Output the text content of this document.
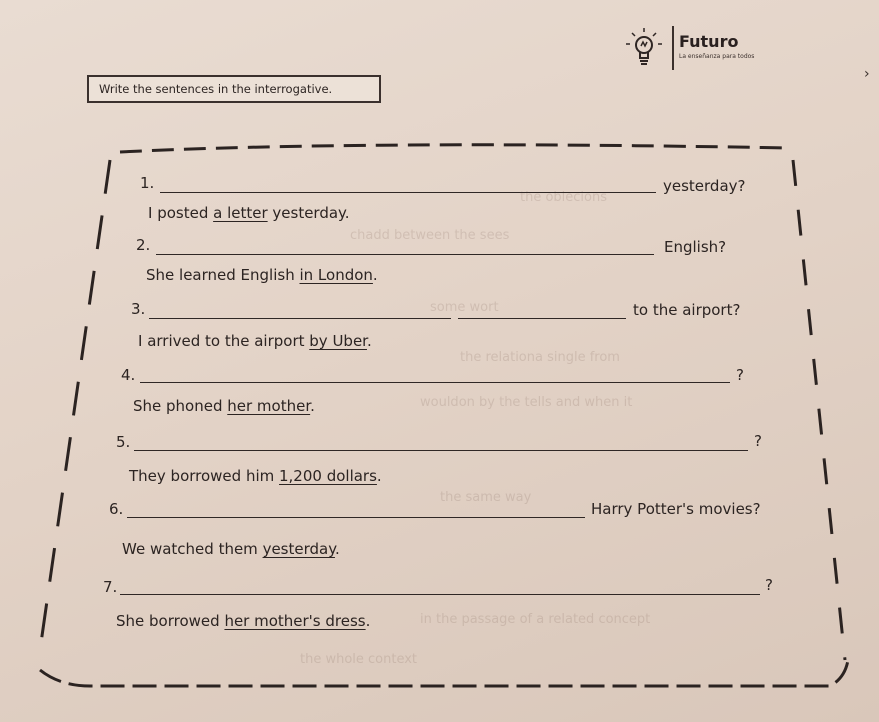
the oblecions
chadd between the sees
some wort
the relationa single from
wouldon by the tells and when it
the same way
in the passage of a related concept
the whole context
Futuro
La enseñanza para todos
Write the sentences in the interrogative.
›
1.	yesterday?
I posted a letter yesterday.
2.	English?
She learned English in London.
3.	to the airport?
I arrived to the airport by Uber.
4.	?
She phoned her mother.
5.	?
They borrowed him 1,200 dollars.
6.	Harry Potter's movies?
We watched them yesterday.
7.	?
She borrowed her mother's dress.
